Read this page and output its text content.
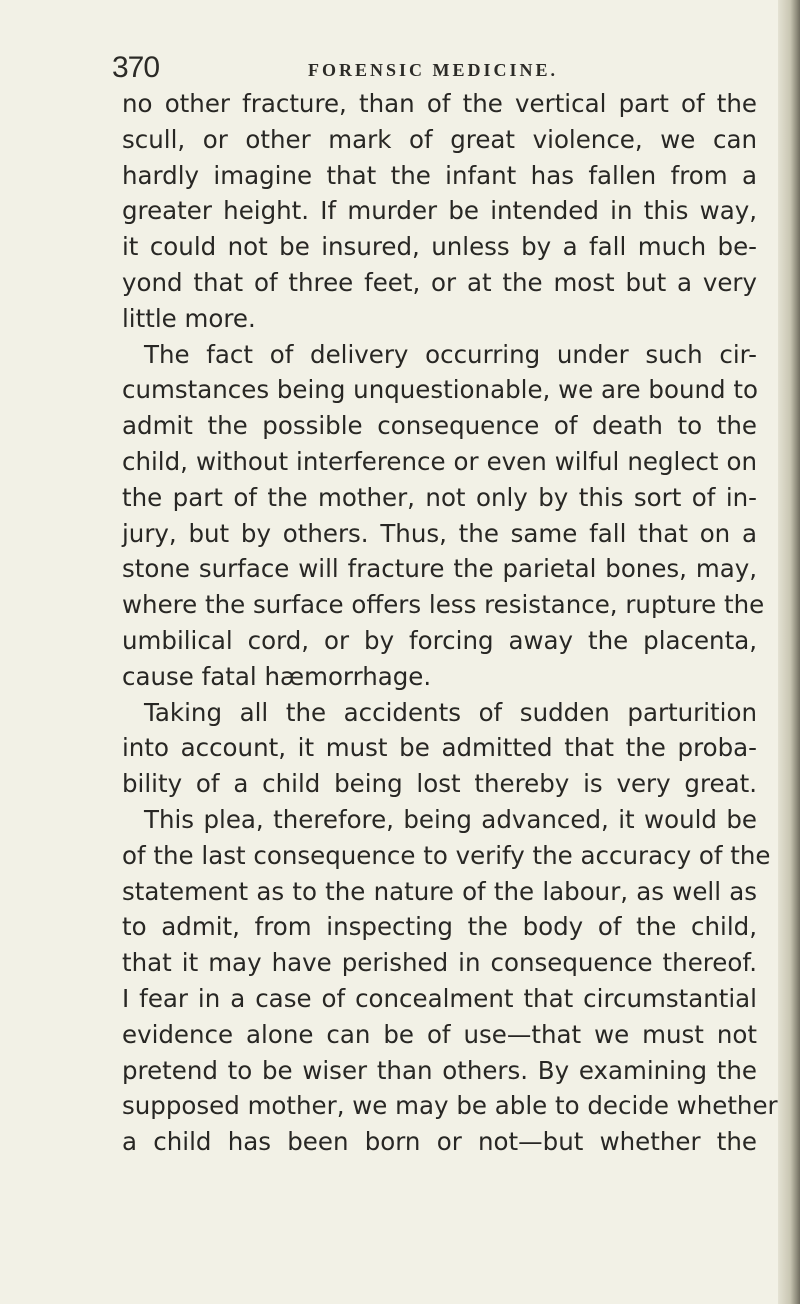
370	FORENSIC MEDICINE.
no other fracture, than of the vertical part of the
scull, or other mark of great violence, we can
hardly imagine that the infant has fallen from a
greater height. If murder be intended in this way,
it could not be insured, unless by a fall much be-
yond that of three feet, or at the most but a very
little more.
The fact of delivery occurring under such cir-
cumstances being unquestionable, we are bound to
admit the possible consequence of death to the
child, without interference or even wilful neglect on
the part of the mother, not only by this sort of in-
jury, but by others. Thus, the same fall that on a
stone surface will fracture the parietal bones, may,
where the surface offers less resistance, rupture the
umbilical cord, or by forcing away the placenta,
cause fatal hæmorrhage.
Taking all the accidents of sudden parturition
into account, it must be admitted that the proba-
bility of a child being lost thereby is very great.
This plea, therefore, being advanced, it would be
of the last consequence to verify the accuracy of the
statement as to the nature of the labour, as well as
to admit, from inspecting the body of the child,
that it may have perished in consequence thereof.
I fear in a case of concealment that circumstantial
evidence alone can be of use—that we must not
pretend to be wiser than others. By examining the
supposed mother, we may be able to decide whether
a child has been born or not—but whether the
